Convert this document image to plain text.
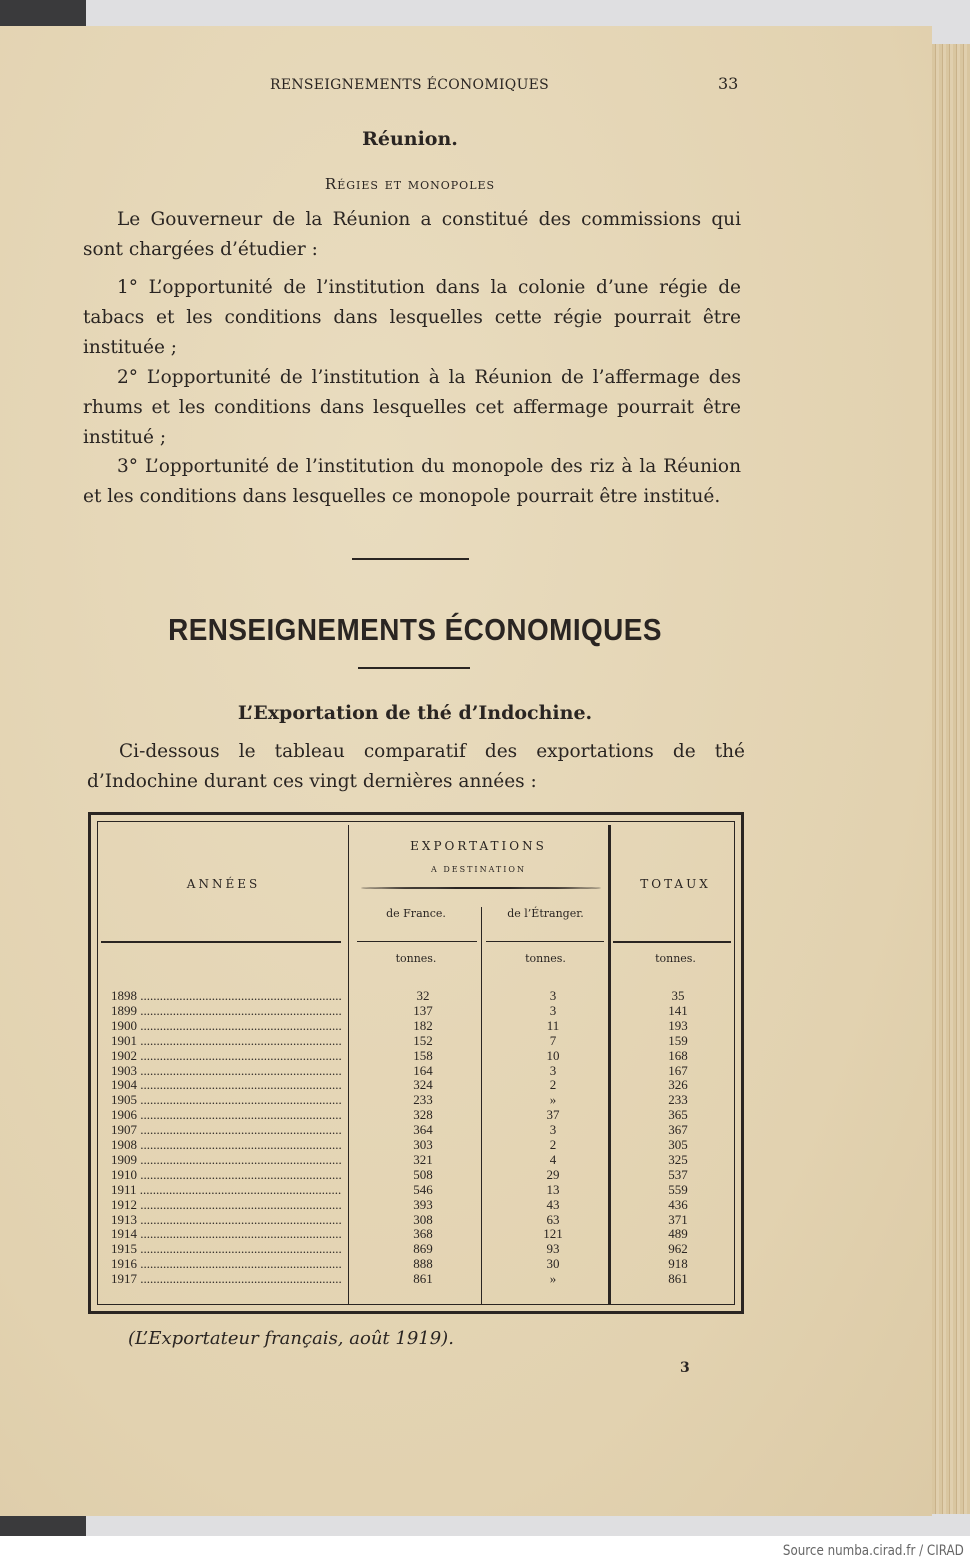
RENSEIGNEMENTS ÉCONOMIQUES	33
Réunion.
Régies et monopoles
Le Gouverneur de la Réunion a constitué des commissions qui sont chargées d’étudier :
1° L’opportunité de l’institution dans la colonie d’une régie de tabacs et les conditions dans lesquelles cette régie pourrait être instituée ;
2° L’opportunité de l’institution à la Réunion de l’affermage des rhums et les conditions dans lesquelles cet affermage pourrait être institué ;
3° L’opportunité de l’institution du monopole des riz à la Réunion et les conditions dans lesquelles ce monopole pourrait être institué.
RENSEIGNEMENTS ÉCONOMIQUES
L’Exportation de thé d’Indochine.
Ci-dessous le tableau comparatif des exportations de thé d’Indochine durant ces vingt dernières années :
ANNÉES
EXPORTATIONS
A DESTINATION
de France.	de l’Étranger.
TOTAUX
tonnes.	tonnes.	tonnes.
1898 .....	32	3	35
1899 .....	137	3	141
1900 .....	182	11	193
1901 .....	152	7	159
1902 .....	158	10	168
1903 .....	164	3	167
1904 .....	324	2	326
1905 .....	233	»	233
1906 .....	328	37	365
1907 .....	364	3	367
1908 .....	303	2	305
1909 .....	321	4	325
1910 .....	508	29	537
1911 .....	546	13	559
1912 .....	393	43	436
1913 .....	308	63	371
1914 .....	368	121	489
1915 .....	869	93	962
1916 .....	888	30	918
1917 .....	861	»	861
(L’Exportateur français, août 1919).
3
Source numba.cirad.fr / CIRAD
